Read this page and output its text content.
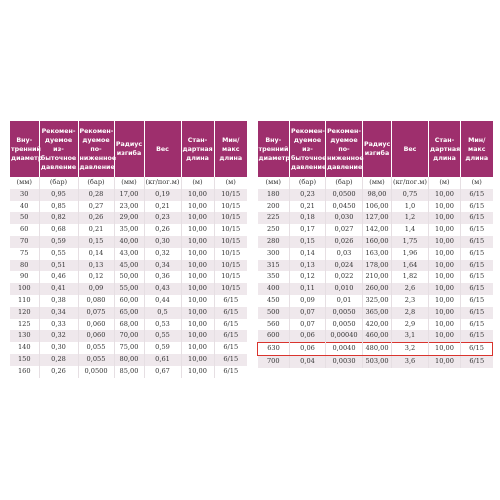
Вну-
тренний
диаметр	Рекомен-
дуемое из-
быточное
давление	Рекомен-
дуемое по-
ниженное
давление	Радиус
изгиба	Вес	Стан-
дартная
длина	Мин/
макс
длина
(мм)	(бар)	(бар)	(мм)	(кг/пог.м)	(м)	(м)
30	0,95	0,28	17,00	0,19	10,00	10/15
40	0,85	0,27	23,00	0,21	10,00	10/15
50	0,82	0,26	29,00	0,23	10,00	10/15
60	0,68	0,21	35,00	0,26	10,00	10/15
70	0,59	0,15	40,00	0,30	10,00	10/15
75	0,55	0,14	43,00	0,32	10,00	10/15
80	0,51	0,13	45,00	0,34	10,00	10/15
90	0,46	0,12	50,00	0,36	10,00	10/15
100	0,41	0,09	55,00	0,43	10,00	10/15
110	0,38	0,080	60,00	0,44	10,00	6/15
120	0,34	0,075	65,00	0,5	10,00	6/15
125	0,33	0,060	68,00	0,53	10,00	6/15
130	0,32	0,060	70,00	0,55	10,00	6/15
140	0,30	0,055	75,00	0,59	10,00	6/15
150	0,28	0,055	80,00	0,61	10,00	6/15
160	0,26	0,0500	85,00	0,67	10,00	6/15
Вну-
тренний
диаметр	Рекомен-
дуемое из-
быточное
давление	Рекомен-
дуемое по-
ниженное
давление	Радиус
изгиба	Вес	Стан-
дартная
длина	Мин/
макс
длина
(мм)	(бар)	(бар)	(мм)	(кг/пог.м)	(м)	(м)
180	0,23	0,0500	98,00	0,75	10,00	6/15
200	0,21	0,0450	106,00	1,0	10,00	6/15
225	0,18	0,030	127,00	1,2	10,00	6/15
250	0,17	0,027	142,00	1,4	10,00	6/15
280	0,15	0,026	160,00	1,75	10,00	6/15
300	0,14	0,03	163,00	1,96	10,00	6/15
315	0,13	0,024	178,00	1,64	10,00	6/15
350	0,12	0,022	210,00	1,82	10,00	6/15
400	0,11	0,010	260,00	2,6	10,00	6/15
450	0,09	0,01	325,00	2,3	10,00	6/15
500	0,07	0,0050	365,00	2,8	10,00	6/15
560	0,07	0,0050	420,00	2,9	10,00	6/15
600	0,06	0,00040	460,00	3,1	10,00	6/15
630	0,06	0,0040	480,00	3,2	10,00	6/15
700	0,04	0,0030	503,00	3,6	10,00	6/15
